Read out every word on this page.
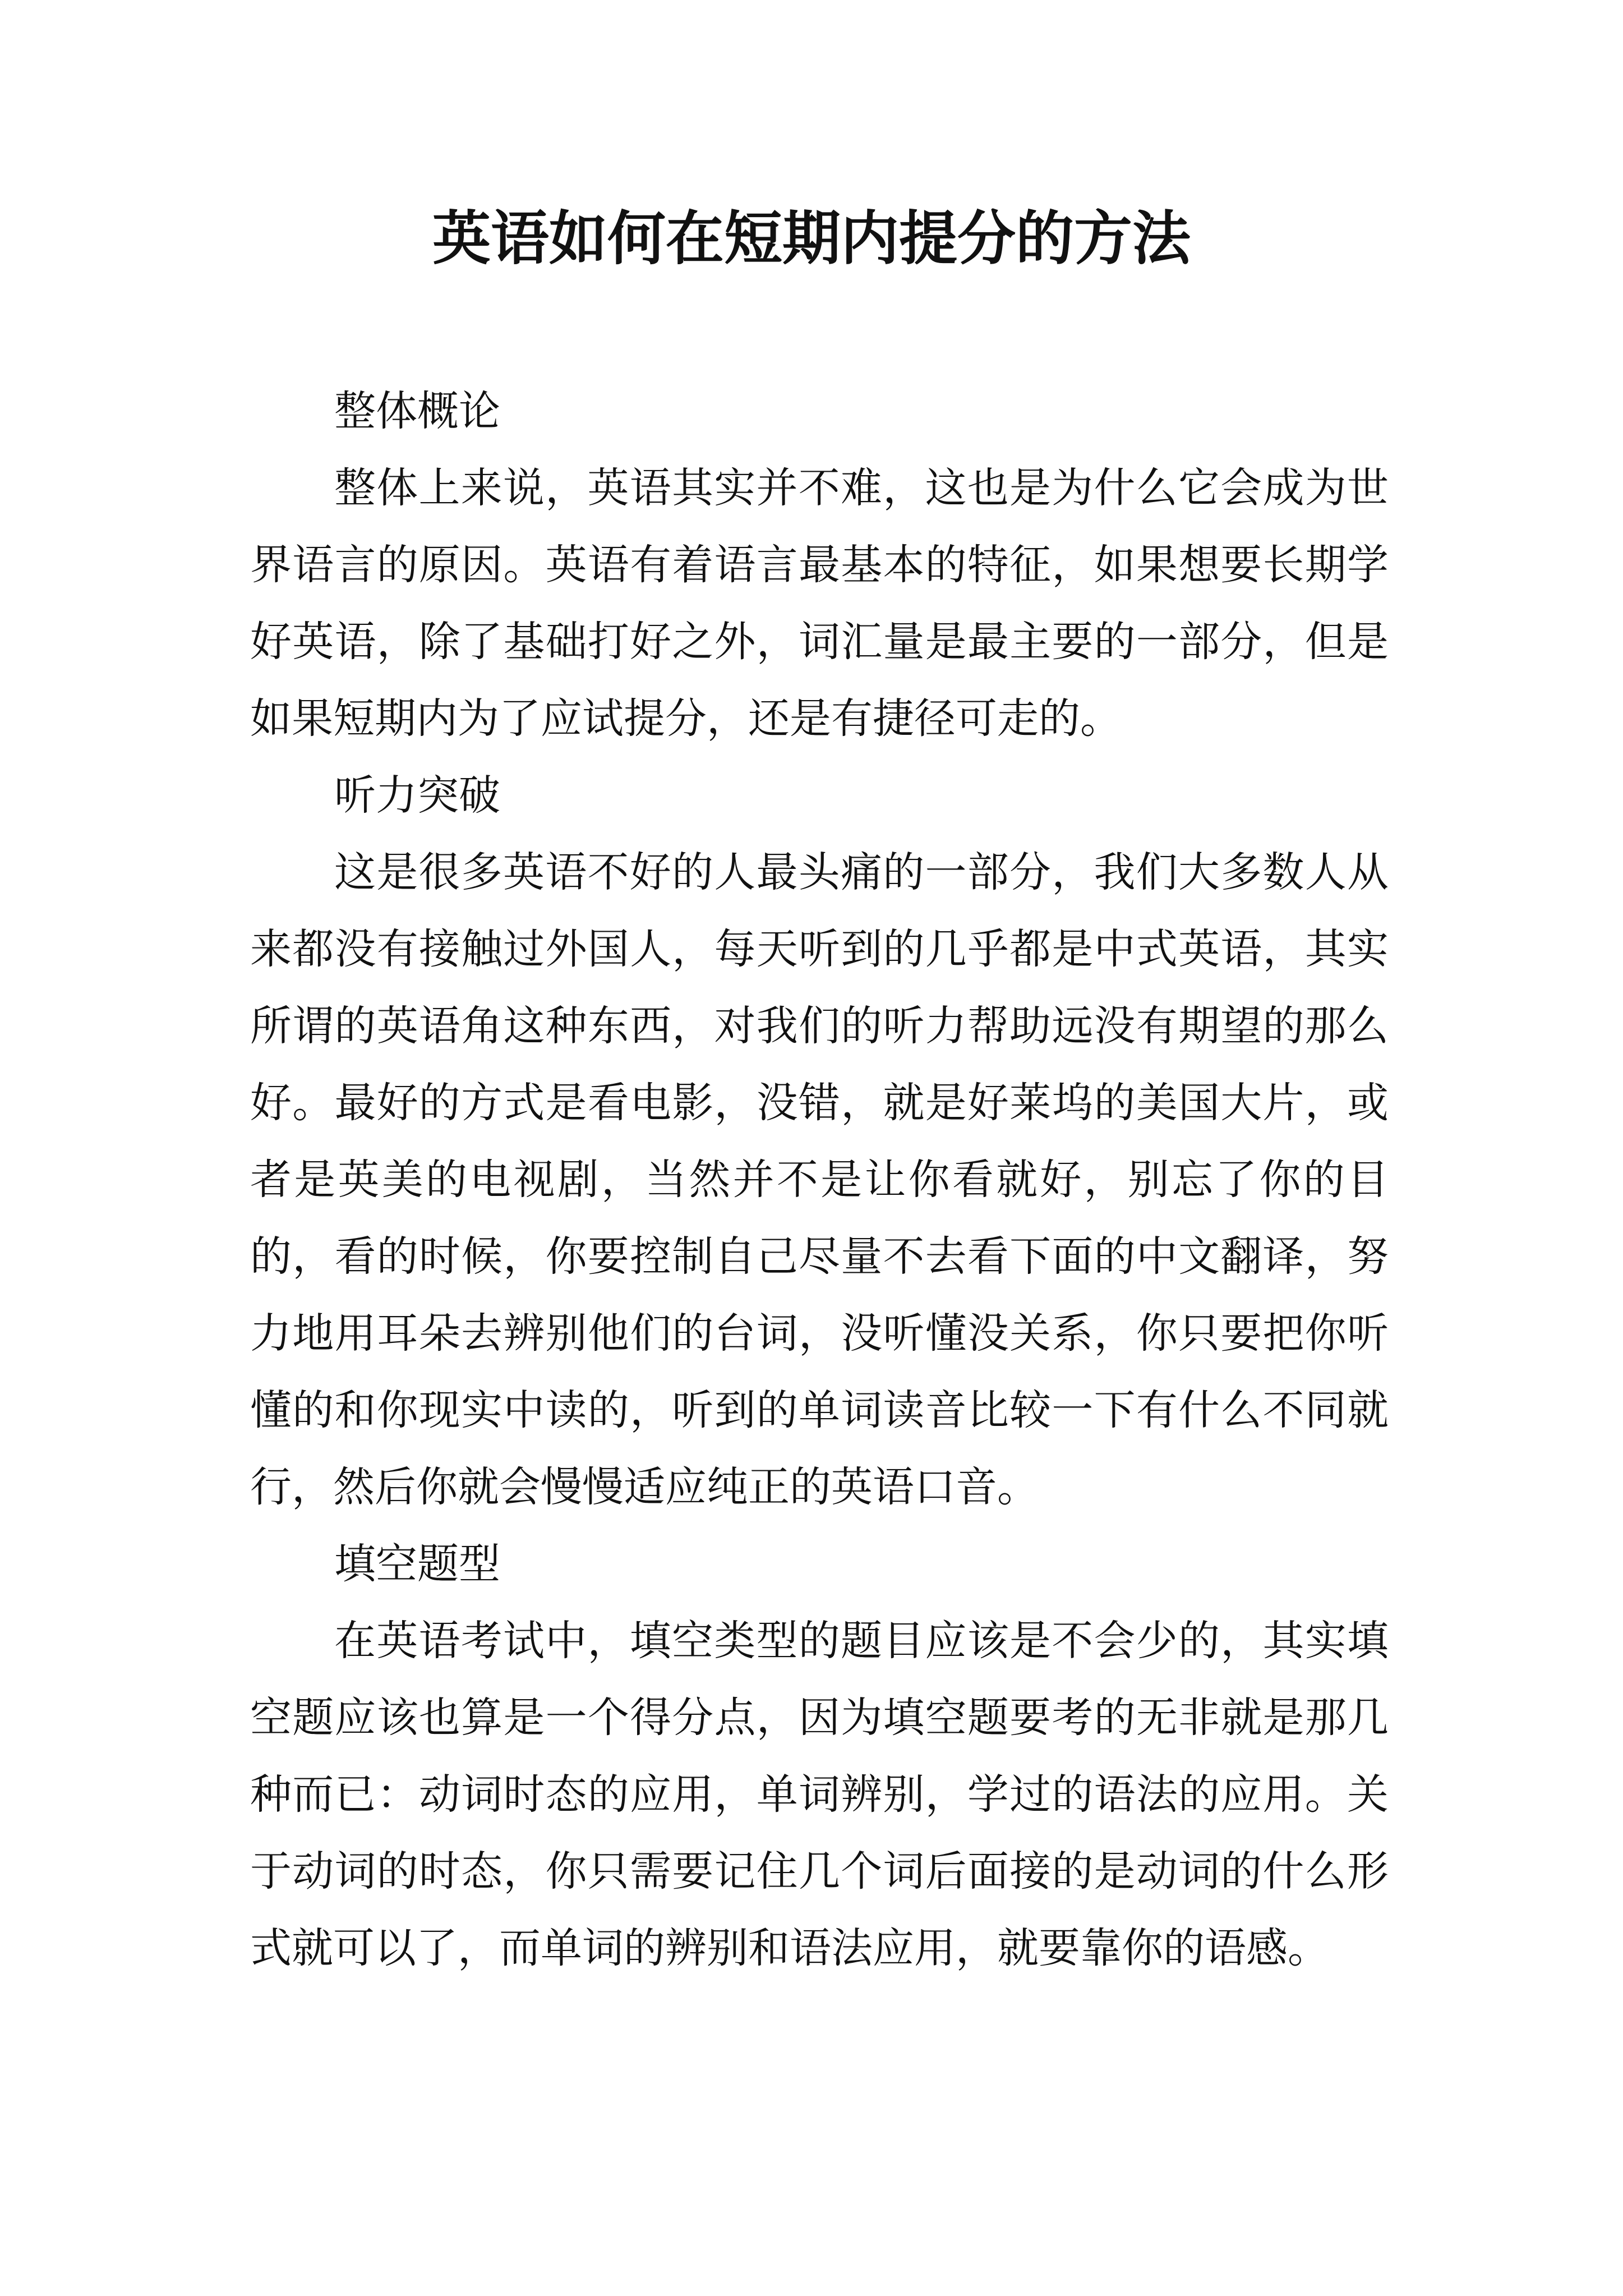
英语如何在短期内提分的方法

整体概论

整体上来说，英语其实并不难，这也是为什么它会成为世界语言的原因。英语有着语言最基本的特征，如果想要长期学好英语，除了基础打好之外，词汇量是最主要的一部分，但是如果短期内为了应试提分，还是有捷径可走的。

听力突破

这是很多英语不好的人最头痛的一部分，我们大多数人从来都没有接触过外国人，每天听到的几乎都是中式英语，其实所谓的英语角这种东西，对我们的听力帮助远没有期望的那么好。最好的方式是看电影，没错，就是好莱坞的美国大片，或者是英美的电视剧，当然并不是让你看就好，别忘了你的目的，看的时候，你要控制自己尽量不去看下面的中文翻译，努力地用耳朵去辨别他们的台词，没听懂没关系，你只要把你听懂的和你现实中读的，听到的单词读音比较一下有什么不同就行，然后你就会慢慢适应纯正的英语口音。

填空题型

在英语考试中，填空类型的题目应该是不会少的，其实填空题应该也算是一个得分点，因为填空题要考的无非就是那几种而已：动词时态的应用，单词辨别，学过的语法的应用。关于动词的时态，你只需要记住几个词后面接的是动词的什么形式就可以了，而单词的辨别和语法应用，就要靠你的语感。
